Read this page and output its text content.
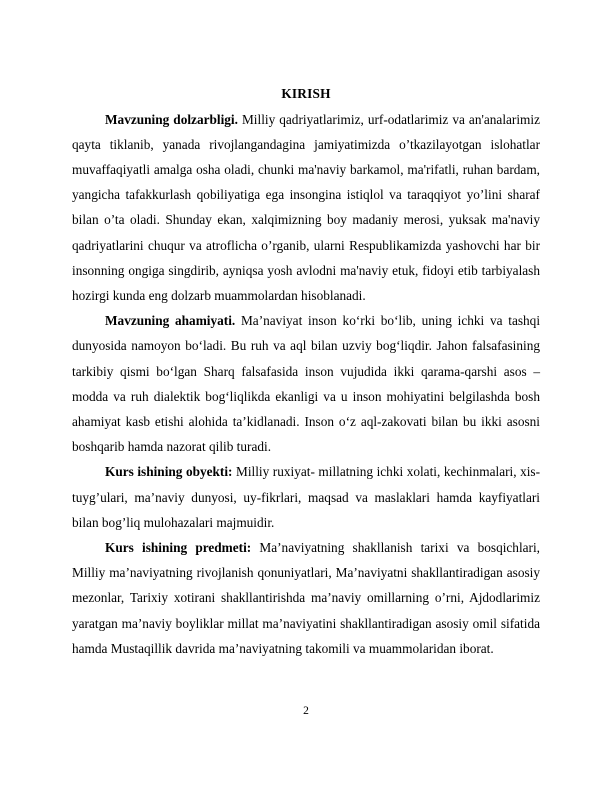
KIRISH

Mavzuning dolzarbligi. Milliy qadriyatlarimiz, urf-odatlarimiz va an'analarimiz qayta tiklanib, yanada rivojlangandagina jamiyatimizda o’tkazilayotgan islohatlar muvaffaqiyatli amalga osha oladi, chunki ma'naviy barkamol, ma'rifatli, ruhan bardam, yangicha tafakkurlash qobiliyatiga ega insongina istiqlol va taraqqiyot yo’lini sharaf bilan o’ta oladi. Shunday ekan, xalqimizning boy madaniy merosi, yuksak ma'naviy qadriyatlarini chuqur va atroflicha o’rganib, ularni Respublikamizda yashovchi har bir insonning ongiga singdirib, ayniqsa yosh avlodni ma'naviy etuk, fidoyi etib tarbiyalash hozirgi kunda eng dolzarb muammolardan hisoblanadi.

Mavzuning ahamiyati. Ma’naviyat inson koʻrki boʻlib, uning ichki va tashqi dunyosida namoyon boʻladi. Bu ruh va aql bilan uzviy bogʻliqdir. Jahon falsafasining tarkibiy qismi boʻlgan Sharq falsafasida inson vujudida ikki qarama-qarshi asos – modda va ruh dialektik bogʻliqlikda ekanligi va u inson mohiyatini belgilashda bosh ahamiyat kasb etishi alohida ta’kidlanadi. Inson oʻz aql-zakovati bilan bu ikki asosni boshqarib hamda nazorat qilib turadi.

Kurs ishining obyekti: Milliy ruxiyat- millatning ichki xolati, kechinmalari, xis-tuyg’ulari, ma’naviy dunyosi, uy-fikrlari, maqsad va maslaklari hamda kayfiyatlari bilan bog’liq mulohazalari majmuidir.

Kurs ishining predmeti: Ma’naviyatning shakllanish tarixi va bosqichlari, Milliy ma’naviyatning rivojlanish qonuniyatlari, Ma’naviyatni shakllantiradigan asosiy mezonlar, Tarixiy xotirani shakllantirishda ma’naviy omillarning o’rni, Ajdodlarimiz yaratgan ma’naviy boyliklar millat ma’naviyatini shakllantiradigan asosiy omil sifatida hamda Mustaqillik davrida ma’naviyatning takomili va muammolaridan iborat.

2
